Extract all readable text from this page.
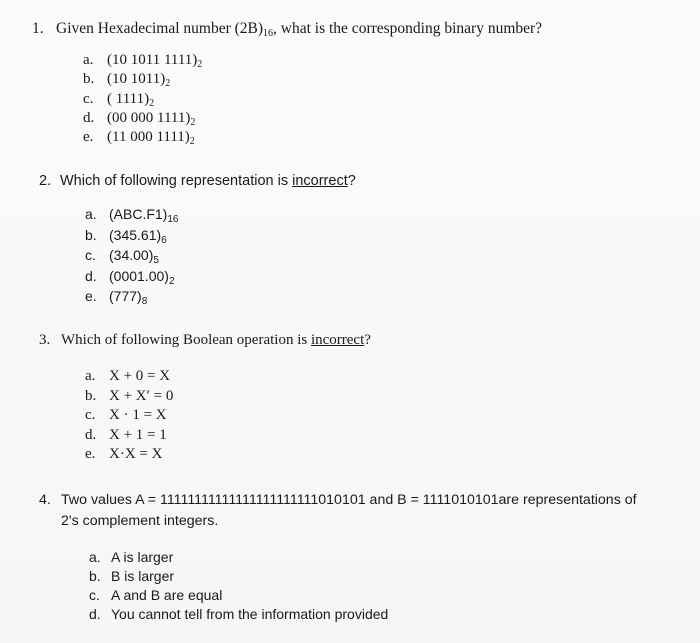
1. Given Hexadecimal number $(2B)_{16}$, what is the corresponding binary number?
a. (10 1011 $1111)_2$
b. (10 $1011)_2$
c. ( $1111)_2$
d. (00 000 $1111)_2$
e. (11 000 $1111)_2$
2. Which of following representation is incorrect?
a. $(ABC.F1)_{16}$
b. $(345.61)_6$
c. $(34.00)_5$
d. $(0001.00)_2$
e. $(777)_8$
3. Which of following Boolean operation is incorrect?
a. X + 0 = X
b. X + X′ = 0
c. X · 1 = X
d. X + 1 = 1
e. X·X = X
4. Two values A = 11111111111111111111111010101 and B = 1111010101are representations of
2's complement integers.
a. A is larger
b. B is larger
c. A and B are equal
d. You cannot tell from the information provided
